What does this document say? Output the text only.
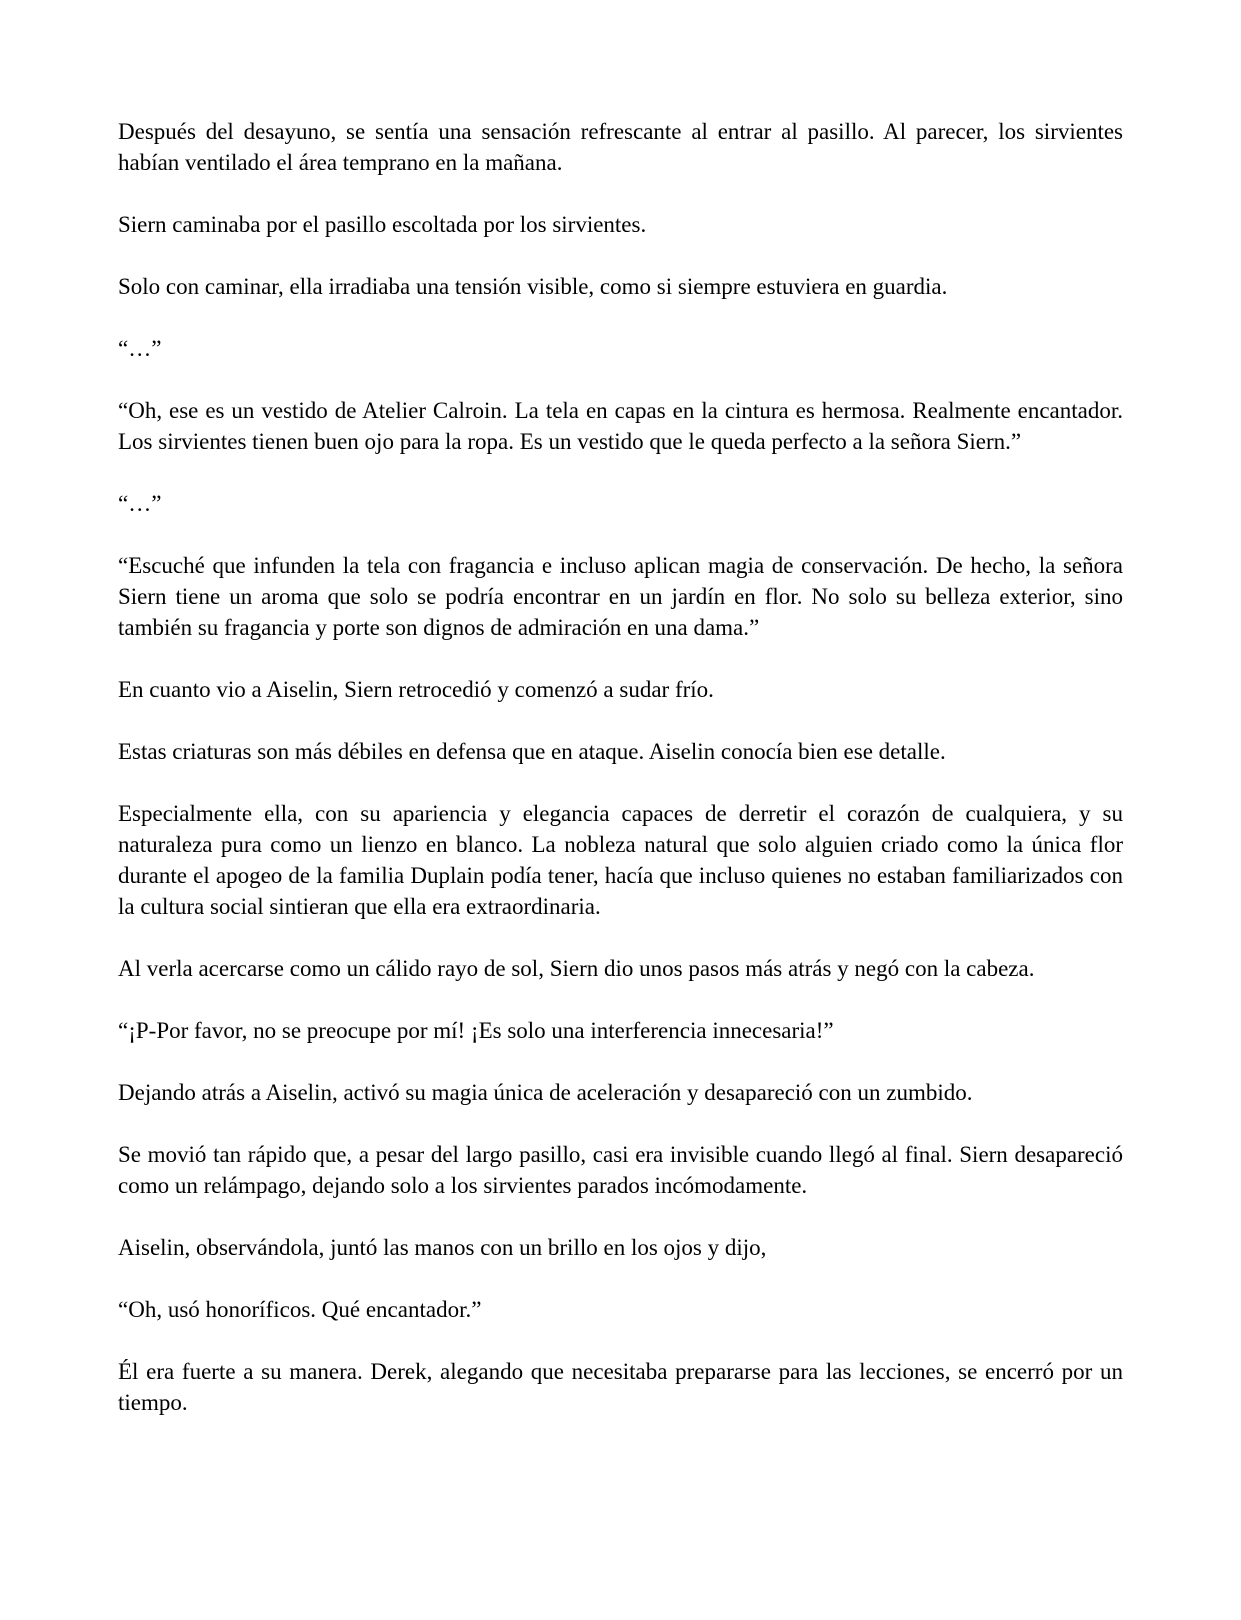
Después del desayuno, se sentía una sensación refrescante al entrar al pasillo. Al parecer, los sirvientes habían ventilado el área temprano en la mañana.

Siern caminaba por el pasillo escoltada por los sirvientes.

Solo con caminar, ella irradiaba una tensión visible, como si siempre estuviera en guardia.

“…”

“Oh, ese es un vestido de Atelier Calroin. La tela en capas en la cintura es hermosa. Realmente encantador. Los sirvientes tienen buen ojo para la ropa. Es un vestido que le queda perfecto a la señora Siern.”

“…”

“Escuché que infunden la tela con fragancia e incluso aplican magia de conservación. De hecho, la señora Siern tiene un aroma que solo se podría encontrar en un jardín en flor. No solo su belleza exterior, sino también su fragancia y porte son dignos de admiración en una dama.”

En cuanto vio a Aiselin, Siern retrocedió y comenzó a sudar frío.

Estas criaturas son más débiles en defensa que en ataque. Aiselin conocía bien ese detalle.

Especialmente ella, con su apariencia y elegancia capaces de derretir el corazón de cualquiera, y su naturaleza pura como un lienzo en blanco. La nobleza natural que solo alguien criado como la única flor durante el apogeo de la familia Duplain podía tener, hacía que incluso quienes no estaban familiarizados con la cultura social sintieran que ella era extraordinaria.

Al verla acercarse como un cálido rayo de sol, Siern dio unos pasos más atrás y negó con la cabeza.

“¡P-Por favor, no se preocupe por mí! ¡Es solo una interferencia innecesaria!”

Dejando atrás a Aiselin, activó su magia única de aceleración y desapareció con un zumbido.

Se movió tan rápido que, a pesar del largo pasillo, casi era invisible cuando llegó al final. Siern desapareció como un relámpago, dejando solo a los sirvientes parados incómodamente.

Aiselin, observándola, juntó las manos con un brillo en los ojos y dijo,

“Oh, usó honoríficos. Qué encantador.”

Él era fuerte a su manera. Derek, alegando que necesitaba prepararse para las lecciones, se encerró por un tiempo.
